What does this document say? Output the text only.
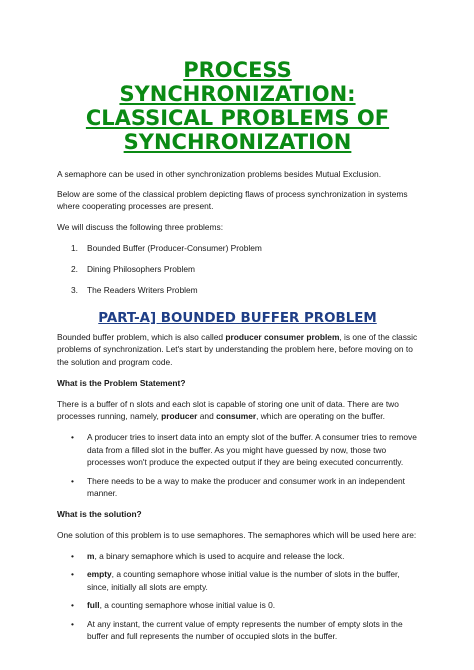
PROCESS
SYNCHRONIZATION:
CLASSICAL PROBLEMS OF
SYNCHRONIZATION

A semaphore can be used in other synchronization problems besides Mutual Exclusion.

Below are some of the classical problem depicting flaws of process synchronization in systems where cooperating processes are present.

We will discuss the following three problems:

1. Bounded Buffer (Producer-Consumer) Problem
2. Dining Philosophers Problem
3. The Readers Writers Problem
PART-A] BOUNDED BUFFER PROBLEM

Bounded buffer problem, which is also called producer consumer problem, is one of the classic problems of synchronization. Let's start by understanding the problem here, before moving on to the solution and program code.

What is the Problem Statement?

There is a buffer of n slots and each slot is capable of storing one unit of data. There are two processes running, namely, producer and consumer, which are operating on the buffer.

• A producer tries to insert data into an empty slot of the buffer. A consumer tries to remove data from a filled slot in the buffer. As you might have guessed by now, those two processes won't produce the expected output if they are being executed concurrently.
• There needs to be a way to make the producer and consumer work in an independent manner.

What is the solution?

One solution of this problem is to use semaphores. The semaphores which will be used here are:

• m, a binary semaphore which is used to acquire and release the lock.
• empty, a counting semaphore whose initial value is the number of slots in the buffer, since, initially all slots are empty.
• full, a counting semaphore whose initial value is 0.
• At any instant, the current value of empty represents the number of empty slots in the buffer and full represents the number of occupied slots in the buffer.
